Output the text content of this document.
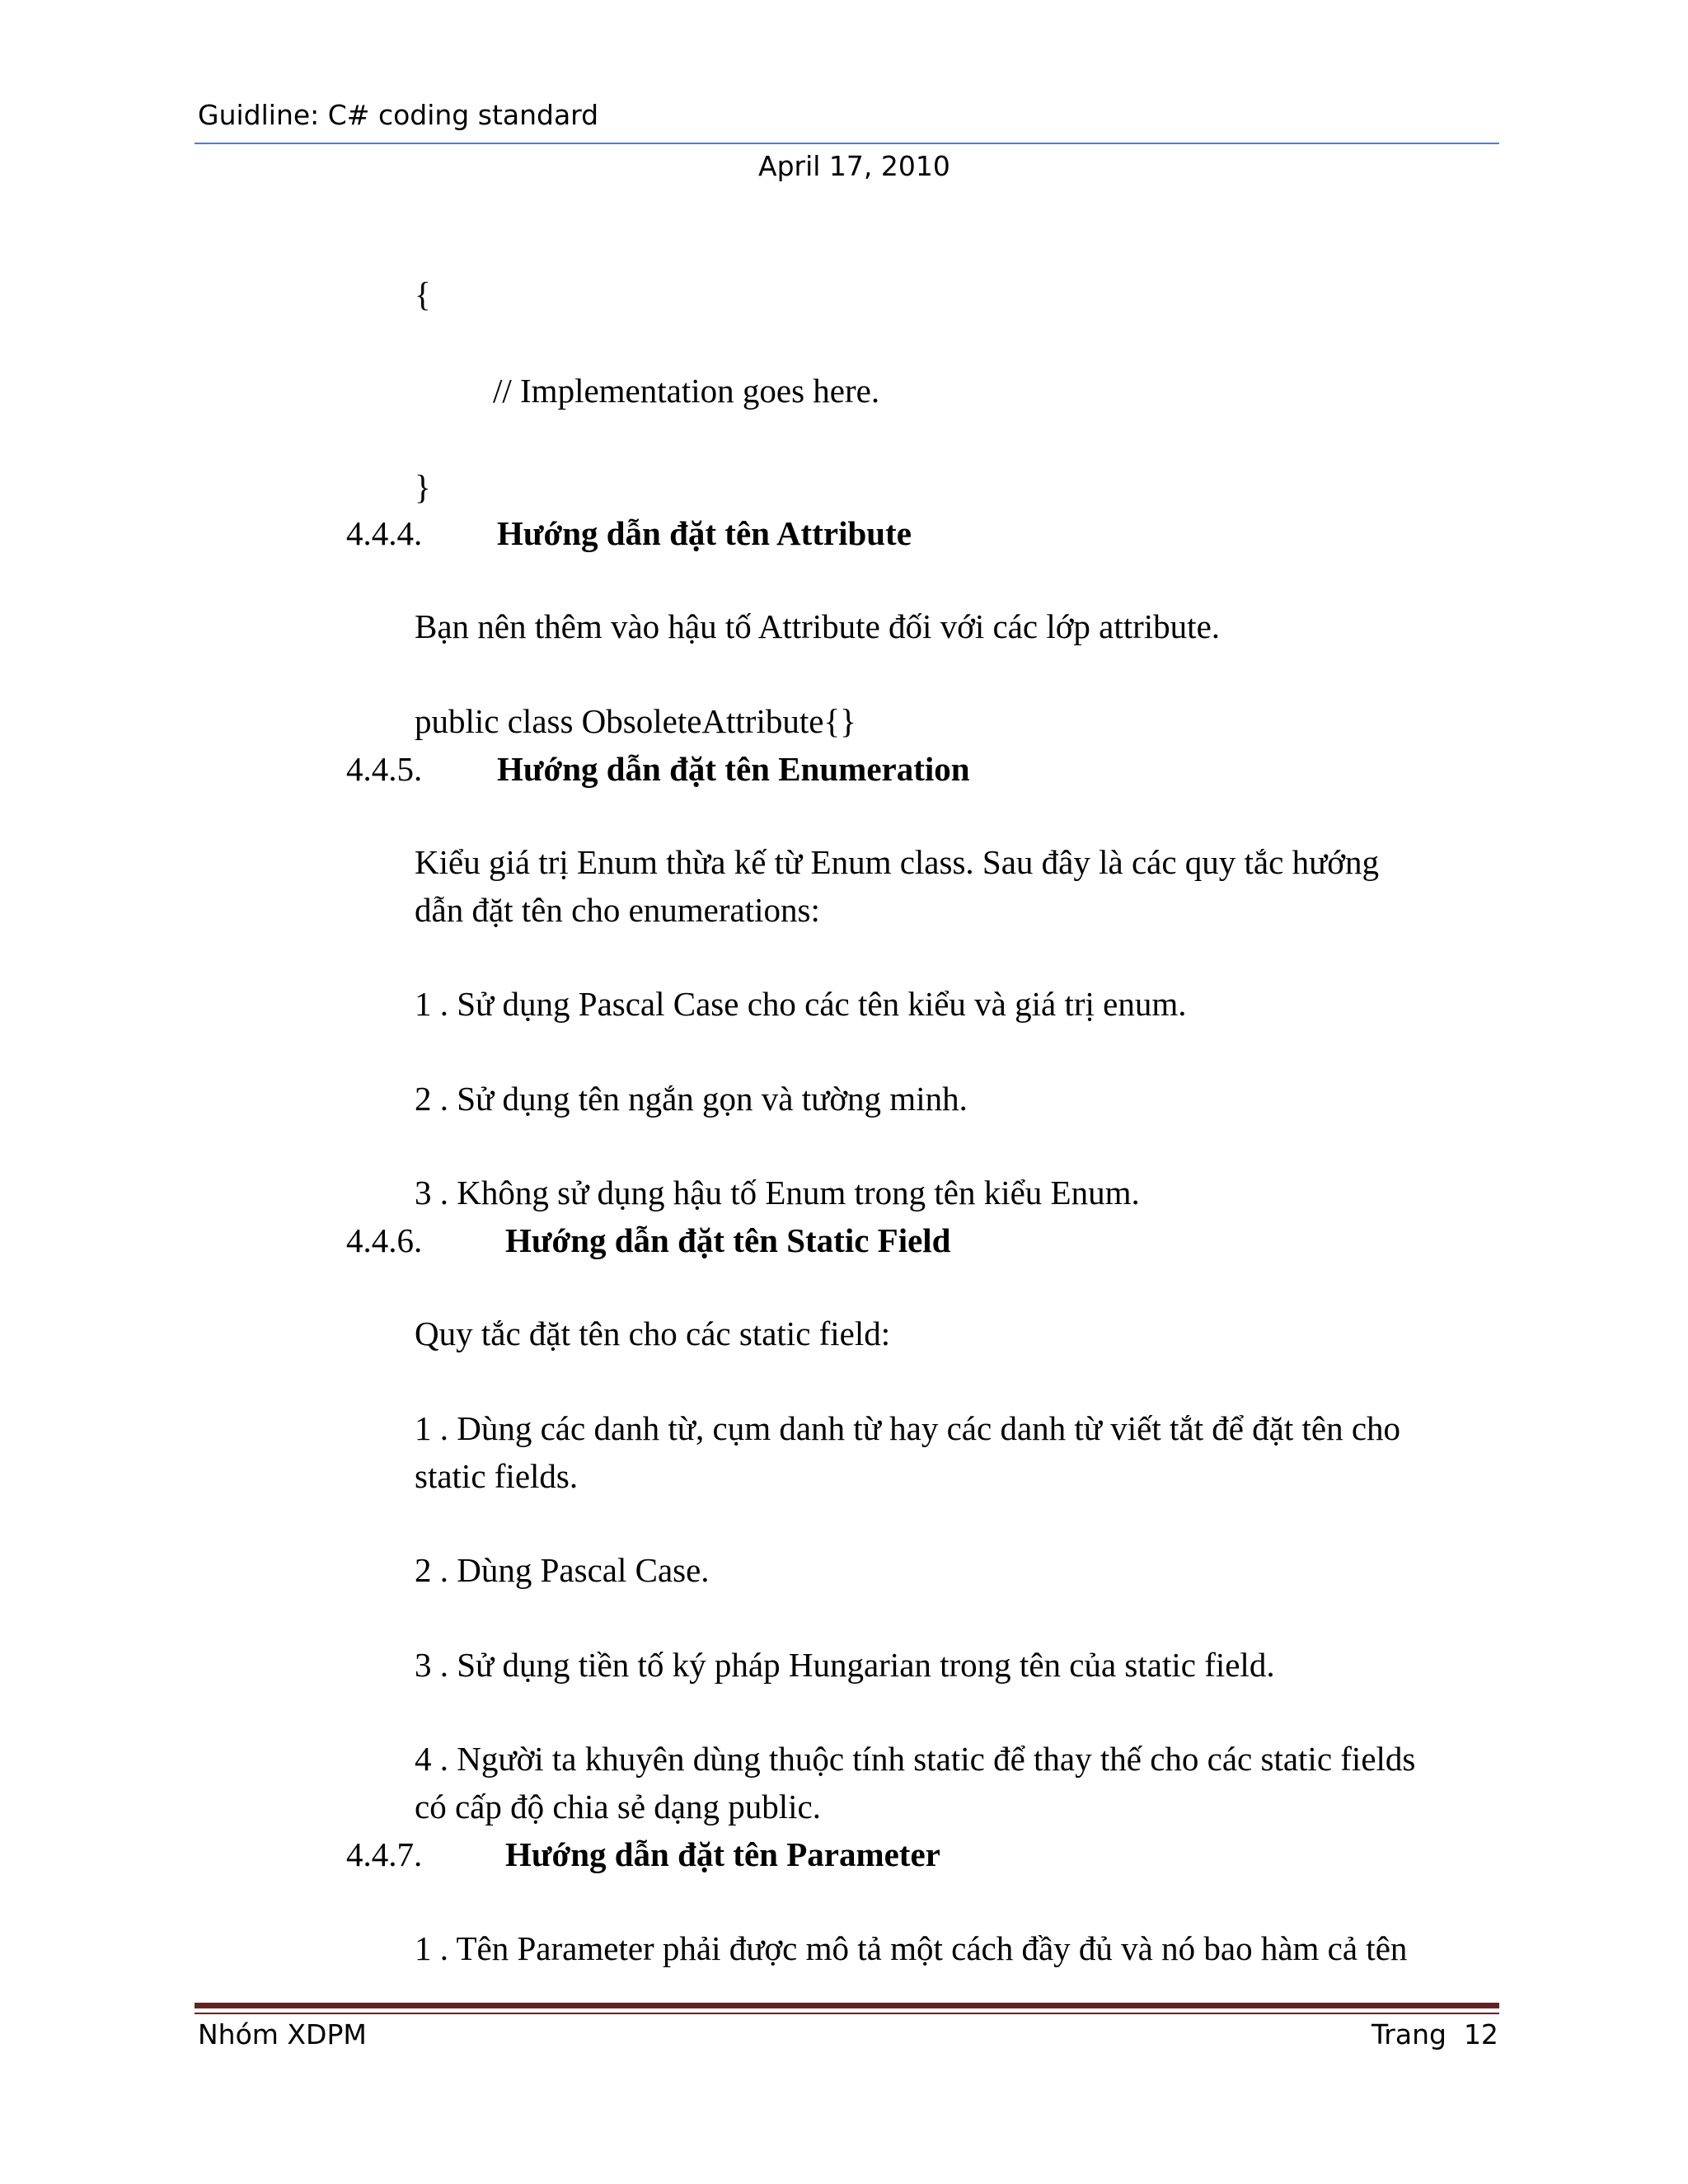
Guidline: C# coding standard
April 17, 2010
{
// Implementation goes here.
}
4.4.4. Hướng dẫn đặt tên Attribute
Bạn nên thêm vào hậu tố Attribute đối với các lớp attribute.
public class ObsoleteAttribute{}
4.4.5. Hướng dẫn đặt tên Enumeration
Kiểu giá trị Enum thừa kế từ Enum class. Sau đây là các quy tắc hướng
dẫn đặt tên cho enumerations:
1 . Sử dụng Pascal Case cho các tên kiểu và giá trị enum.
2 . Sử dụng tên ngắn gọn và tường minh.
3 . Không sử dụng hậu tố Enum trong tên kiểu Enum.
4.4.6. Hướng dẫn đặt tên Static Field
Quy tắc đặt tên cho các static field:
1 . Dùng các danh từ, cụm danh từ hay các danh từ viết tắt để đặt tên cho
static fields.
2 . Dùng Pascal Case.
3 . Sử dụng tiền tố ký pháp Hungarian trong tên của static field.
4 . Người ta khuyên dùng thuộc tính static để thay thế cho các static fields
có cấp độ chia sẻ dạng public.
4.4.7. Hướng dẫn đặt tên Parameter
1 . Tên Parameter phải được mô tả một cách đầy đủ và nó bao hàm cả tên
Nhóm XDPM	Trang  12
